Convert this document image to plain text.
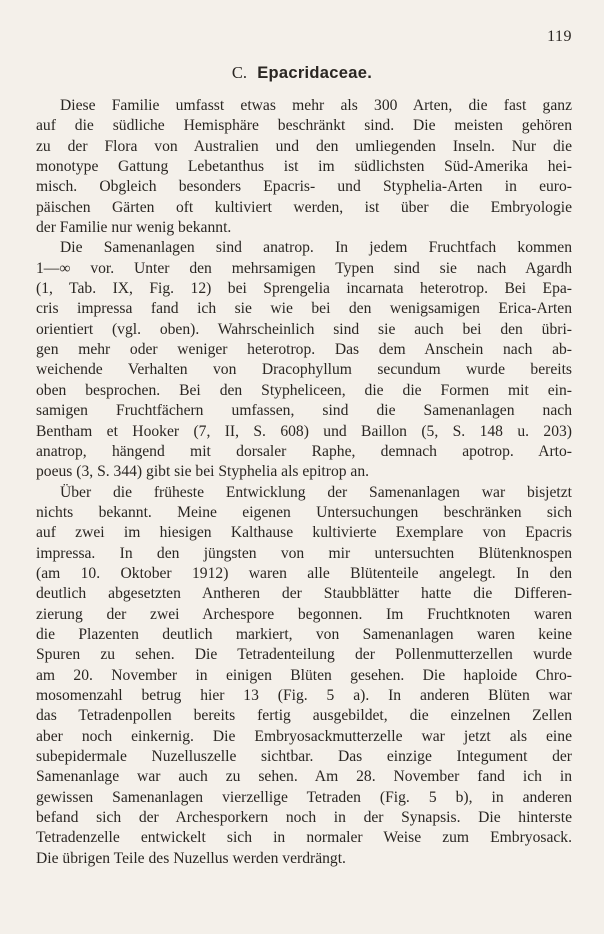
119
C. Epacridaceae.
Diese Familie umfasst etwas mehr als 300 Arten, die fast ganz
auf die südliche Hemisphäre beschränkt sind. Die meisten gehören
zu der Flora von Australien und den umliegenden Inseln. Nur die
monotype Gattung Lebetanthus ist im südlichsten Süd-Amerika hei-
misch. Obgleich besonders Epacris- und Styphelia-Arten in euro-
päischen Gärten oft kultiviert werden, ist über die Embryologie
der Familie nur wenig bekannt.
Die Samenanlagen sind anatrop. In jedem Fruchtfach kommen
1—∞ vor. Unter den mehrsamigen Typen sind sie nach Agardh
(1, Tab. IX, Fig. 12) bei Sprengelia incarnata heterotrop. Bei Epa-
cris impressa fand ich sie wie bei den wenigsamigen Erica-Arten
orientiert (vgl. oben). Wahrscheinlich sind sie auch bei den übri-
gen mehr oder weniger heterotrop. Das dem Anschein nach ab-
weichende Verhalten von Dracophyllum secundum wurde bereits
oben besprochen. Bei den Stypheliceen, die die Formen mit ein-
samigen Fruchtfächern umfassen, sind die Samenanlagen nach
Bentham et Hooker (7, II, S. 608) und Baillon (5, S. 148 u. 203)
anatrop, hängend mit dorsaler Raphe, demnach apotrop. Arto-
poeus (3, S. 344) gibt sie bei Styphelia als epitrop an.
Über die früheste Entwicklung der Samenanlagen war bisjetzt
nichts bekannt. Meine eigenen Untersuchungen beschränken sich
auf zwei im hiesigen Kalthause kultivierte Exemplare von Epacris
impressa. In den jüngsten von mir untersuchten Blütenknospen
(am 10. Oktober 1912) waren alle Blütenteile angelegt. In den
deutlich abgesetzten Antheren der Staubblätter hatte die Differen-
zierung der zwei Archespore begonnen. Im Fruchtknoten waren
die Plazenten deutlich markiert, von Samenanlagen waren keine
Spuren zu sehen. Die Tetradenteilung der Pollenmutterzellen wurde
am 20. November in einigen Blüten gesehen. Die haploide Chro-
mosomenzahl betrug hier 13 (Fig. 5 a). In anderen Blüten war
das Tetradenpollen bereits fertig ausgebildet, die einzelnen Zellen
aber noch einkernig. Die Embryosackmutterzelle war jetzt als eine
subepidermale Nuzelluszelle sichtbar. Das einzige Integument der
Samenanlage war auch zu sehen. Am 28. November fand ich in
gewissen Samenanlagen vierzellige Tetraden (Fig. 5 b), in anderen
befand sich der Archesporkern noch in der Synapsis. Die hinterste
Tetradenzelle entwickelt sich in normaler Weise zum Embryosack.
Die übrigen Teile des Nuzellus werden verdrängt.
